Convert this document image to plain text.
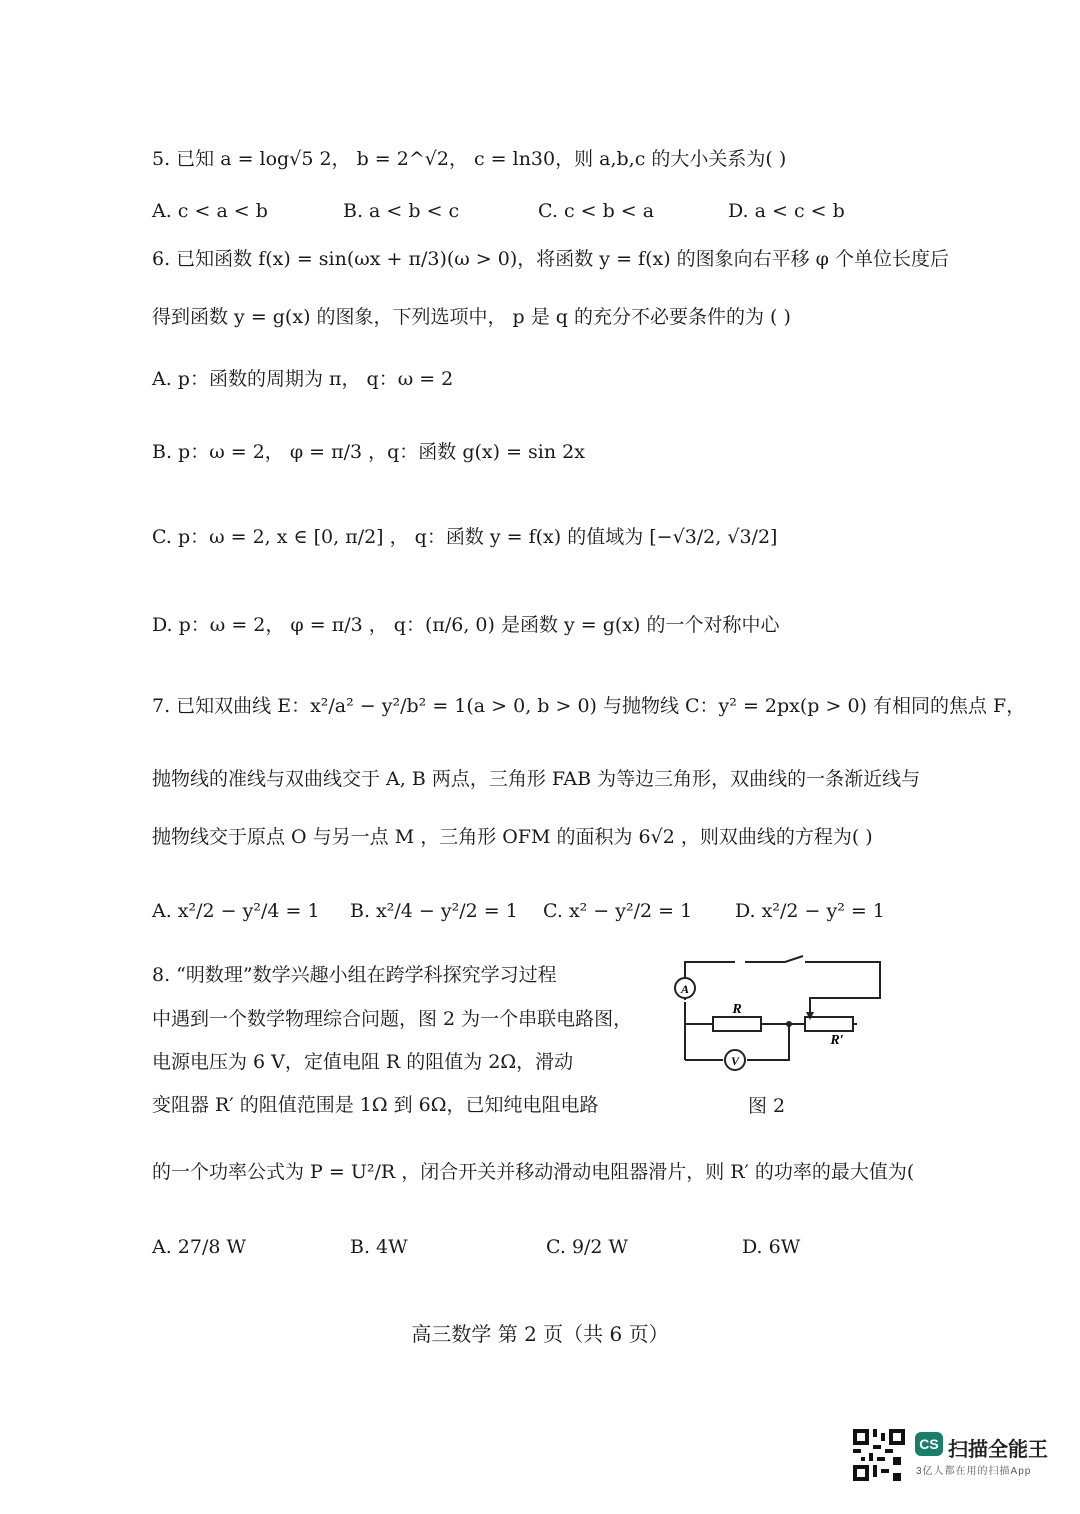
5. 已知 a = log√5 2， b = 2^√2， c = ln30，则 a,b,c 的大小关系为( )
A. c < a < b	B. a < b < c	C. c < b < a	D. a < c < b
6. 已知函数 f(x) = sin(ωx + π/3)(ω > 0)，将函数 y = f(x) 的图象向右平移 φ 个单位长度后
得到函数 y = g(x) 的图象，下列选项中， p 是 q 的充分不必要条件的为 ( )
A. p：函数的周期为 π， q：ω = 2
B. p：ω = 2， φ = π/3 ，q：函数 g(x) = sin 2x
C. p：ω = 2, x ∈ [0, π/2] ， q：函数 y = f(x) 的值域为 [−√3/2, √3/2]
D. p：ω = 2， φ = π/3 ， q：(π/6, 0) 是函数 y = g(x) 的一个对称中心
7. 已知双曲线 E：x²/a² − y²/b² = 1(a > 0, b > 0) 与抛物线 C：y² = 2px(p > 0) 有相同的焦点 F，
抛物线的准线与双曲线交于 A, B 两点，三角形 FAB 为等边三角形，双曲线的一条渐近线与
抛物线交于原点 O 与另一点 M ，三角形 OFM 的面积为 6√2 ，则双曲线的方程为( )
A. x²/2 − y²/4 = 1 B. x²/4 − y²/2 = 1 C. x² − y²/2 = 1 D. x²/2 − y² = 1
8. “明数理”数学兴趣小组在跨学科探究学习过程
中遇到一个数学物理综合问题，图 2 为一个串联电路图，
电源电压为 6 V，定值电阻 R 的阻值为 2Ω，滑动
变阻器 R′ 的阻值范围是 1Ω 到 6Ω，已知纯电阻电路
的一个功率公式为 P = U²/R ，闭合开关并移动滑动电阻器滑片，则 R′ 的功率的最大值为(
A
V
R
R′
图 2
A. 27/8 W	B. 4W	C. 9/2 W	D. 6W
高三数学 第 2 页（共 6 页）
CS 扫描全能王
3亿人都在用的扫描App
